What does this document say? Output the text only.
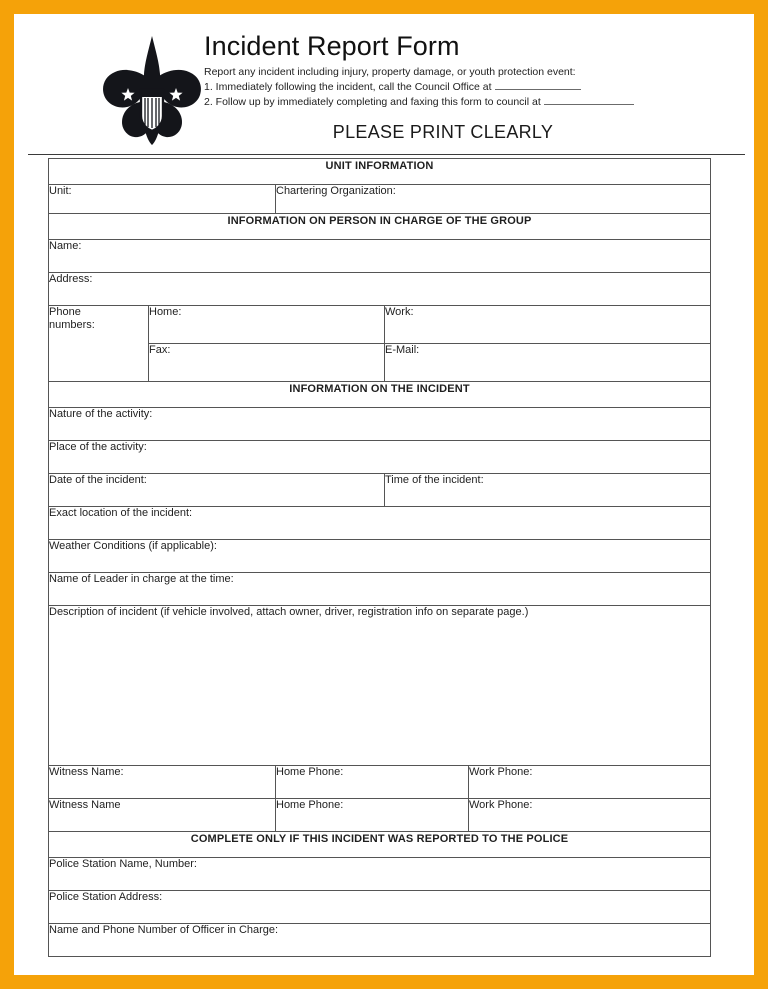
Incident Report Form
Report any incident including injury, property damage, or youth protection event:
1. Immediately following the incident, call the Council Office at
2. Follow up by immediately completing and faxing this form to council at
PLEASE PRINT CLEARLY
UNIT INFORMATION				
Unit:		Chartering Organization:		
INFORMATION ON PERSON IN CHARGE OF THE GROUP				
Name:				
Address:				

Phone
numbers:	Home:		Work:	
	Fax:		E-Mail:	
INFORMATION ON THE INCIDENT				
Nature of the activity:				
Place of the activity:				
Date of the incident:			Time of the incident:	
Exact location of the incident:				
Weather Conditions (if applicable):				
Name of Leader in charge at the time:				
Description of incident (if vehicle involved, attach owner, driver, registration info on separate page.)				
Witness Name:		Home Phone:		Work Phone:
Witness Name		Home Phone:		Work Phone:
COMPLETE ONLY IF THIS INCIDENT WAS REPORTED TO THE POLICE				
Police Station Name, Number:				
Police Station Address:				
Name and Phone Number of Officer in Charge:				
